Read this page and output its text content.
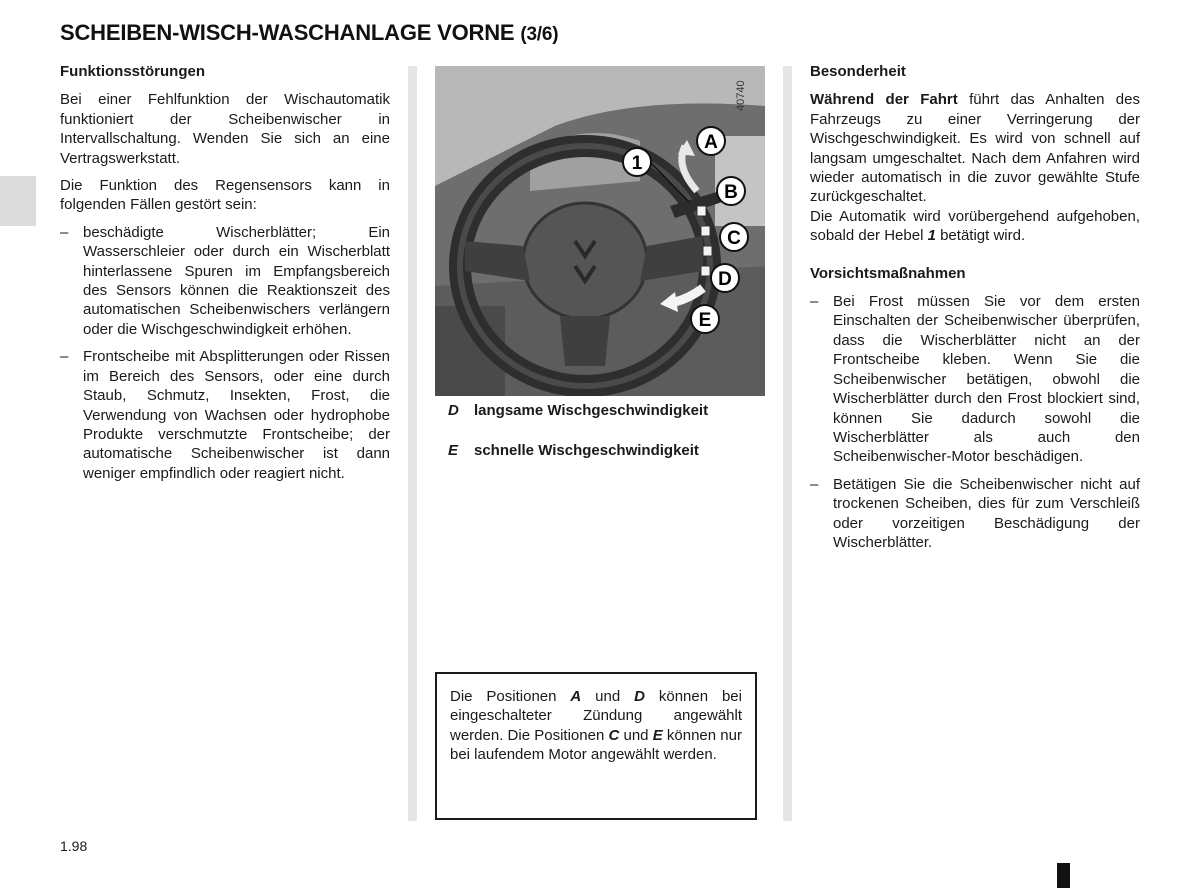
SCHEIBEN-WISCH-WASCHANLAGE VORNE (3/6)
Funktionsstörungen

Bei einer Fehlfunktion der Wischautomatik funktioniert der Scheibenwischer in Intervallschaltung. Wenden Sie sich an eine Vertragswerkstatt.

Die Funktion des Regensensors kann in folgenden Fällen gestört sein:

– beschädigte Wischerblätter; Ein Wasserschleier oder durch ein Wischerblatt hinterlassene Spuren im Empfangsbereich des Sensors können die Reaktionszeit des automatischen Scheibenwischers verlängern oder die Wischgeschwindigkeit erhöhen.
– Frontscheibe mit Absplitterungen oder Rissen im Bereich des Sensors, oder eine durch Staub, Schmutz, Insekten, Frost, die Verwendung von Wachsen oder hydrophobe Produkte verschmutzte Frontscheibe; der automatische Scheibenwischer ist dann weniger empfindlich oder reagiert nicht.
1
A
B
C
D
E
40740
D langsame Wischgeschwindigkeit
E schnelle Wischgeschwindigkeit
Die Positionen A und D können bei eingeschalteter Zündung angewählt werden. Die Positionen C und E können nur bei laufendem Motor angewählt werden.
Besonderheit

Während der Fahrt führt das Anhalten des Fahrzeugs zu einer Verringerung der Wischgeschwindigkeit. Es wird von schnell auf langsam umgeschaltet. Nach dem Anfahren wird wieder automatisch in die zuvor gewählte Stufe zurückgeschaltet.

Die Automatik wird vorübergehend aufgehoben, sobald der Hebel 1 betätigt wird.

Vorsichtsmaßnahmen
– Bei Frost müssen Sie vor dem ersten Einschalten der Scheibenwischer überprüfen, dass die Wischerblätter nicht an der Frontscheibe kleben. Wenn Sie die Scheibenwischer betätigen, obwohl die Wischerblätter durch den Frost blockiert sind, können Sie dadurch sowohl die Wischerblätter als auch den Scheibenwischer-Motor beschädigen.
– Betätigen Sie die Scheibenwischer nicht auf trockenen Scheiben, dies für zum Verschleiß oder vorzeitigen Beschädigung der Wischerblätter.
1.98
